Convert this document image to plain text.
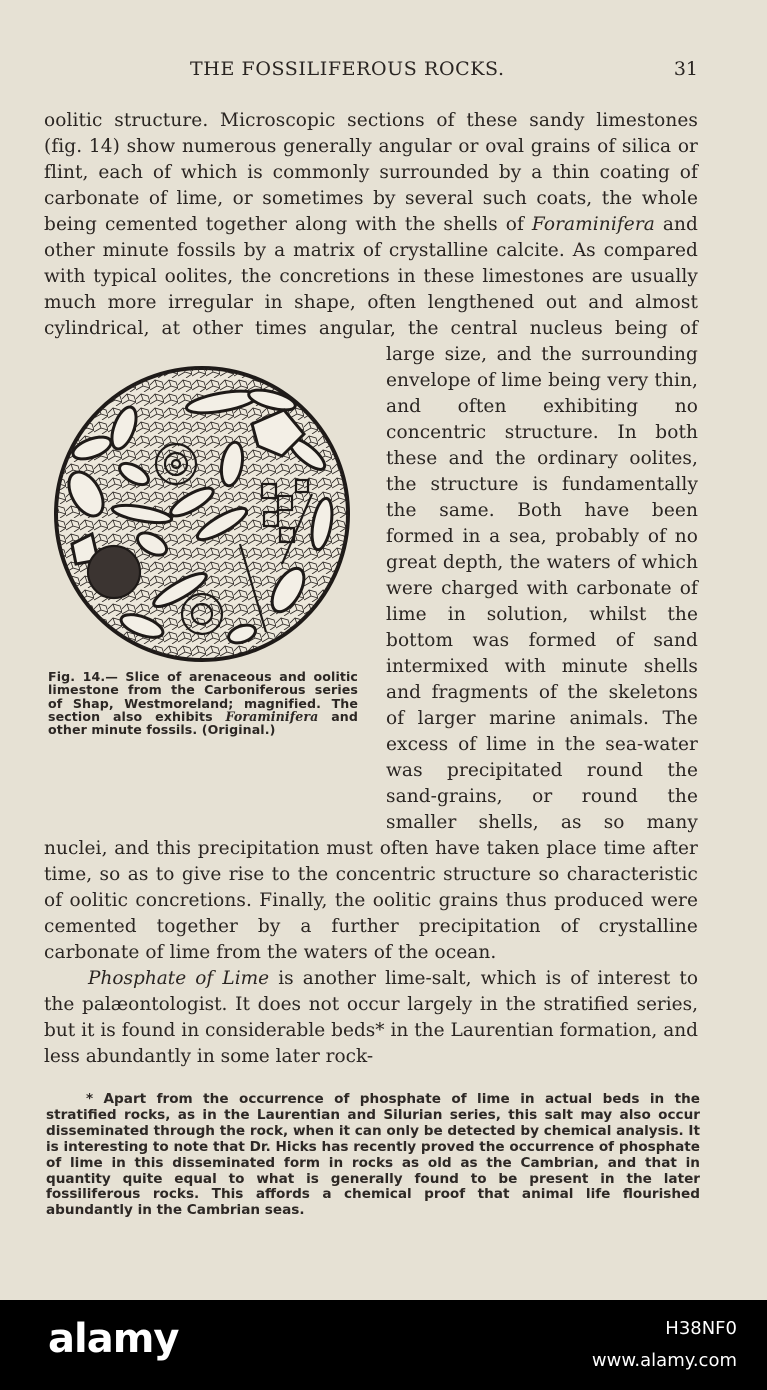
THE FOSSILIFEROUS ROCKS.	31

oolitic structure. Microscopic sections of these sandy limestones (fig. 14) show numerous generally angular or oval grains of silica or flint, each of which is commonly surrounded by a thin coating of carbonate of lime, or sometimes by several such coats, the whole being cemented together along with the shells of Foraminifera and other minute fossils by a matrix of crystalline calcite. As compared with typical oolites, the concretions in these limestones are usually much more irregular in shape, often lengthened out and almost cylindrical, at other times angular, the central nucleus being of large size, and the sur
Fig. 14.— Slice of arenaceous and oolitic limestone from the Carboniferous series of Shap, Westmoreland; magnified. The section also exhibits Foraminifera and other minute fossils. (Original.)
rounding envelope of lime being very thin, and often exhibiting no concentric structure. In both these and the ordinary oolites, the structure is fundamentally the same. Both have been formed in a sea, probably of no great depth, the waters of which were charged with carbonate of lime in solution, whilst the bottom was formed of sand intermixed with minute shells and fragments of the skeletons of larger marine animals. The excess of lime in the sea-water was precipitated round the sand-grains, or round the smaller shells, as so many nuclei, and this precipitation must often have taken place time after time, so as to give rise to the concentric structure so characteristic of oolitic concretions. Finally, the oolitic grains thus produced were cemented together by a further precipitation of crystalline carbonate of lime from the waters of the ocean.

Phosphate of Lime is another lime-salt, which is of interest to the palæontologist. It does not occur largely in the stratified series, but it is found in considerable beds* in the Laurentian formation, and less abundantly in some later rock-

* Apart from the occurrence of phosphate of lime in actual beds in the stratified rocks, as in the Laurentian and Silurian series, this salt may also occur disseminated through the rock, when it can only be detected by chemical analysis. It is interesting to note that Dr. Hicks has recently proved the occurrence of phosphate of lime in this disseminated form in rocks as old as the Cambrian, and that in quantity quite equal to what is generally found to be present in the later fossiliferous rocks. This affords a chemical proof that animal life flourished abundantly in the Cambrian seas.

alamy	H38NF0
www.alamy.com
